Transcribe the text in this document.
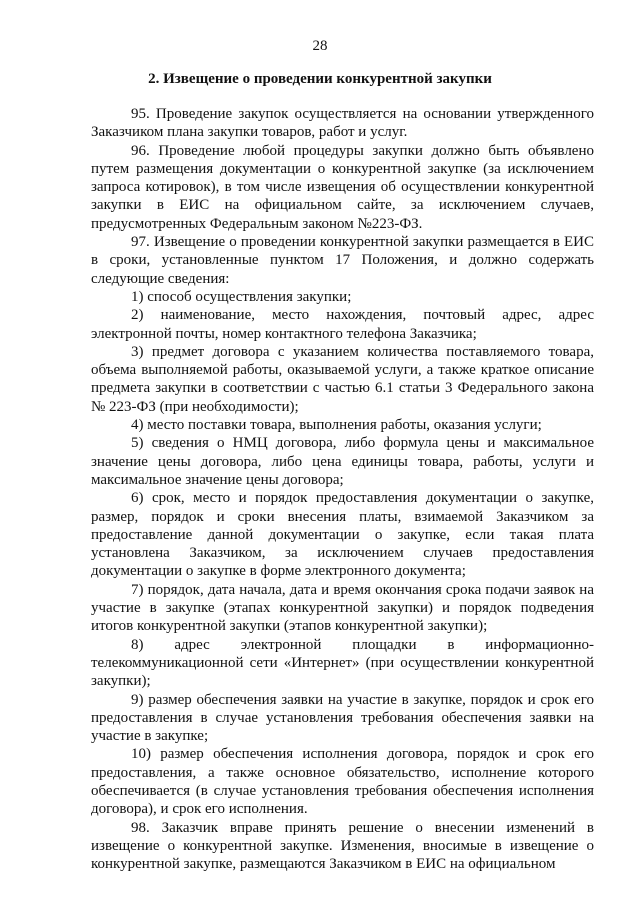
28
2. Извещение о проведении конкурентной закупки

95. Проведение закупок осуществляется на основании утвержденного Заказчиком плана закупки товаров, работ и услуг.

96. Проведение любой процедуры закупки должно быть объявлено путем размещения документации о конкурентной закупке (за исключением запроса котировок), в том числе извещения об осуществлении конкурентной закупки в ЕИС на официальном сайте, за исключением случаев, предусмотренных Федеральным законом №223-ФЗ.

97. Извещение о проведении конкурентной закупки размещается в ЕИС в сроки, установленные пунктом 17 Положения, и должно содержать следующие сведения:

1) способ осуществления закупки;

2) наименование, место нахождения, почтовый адрес, адрес электронной почты, номер контактного телефона Заказчика;

3) предмет договора с указанием количества поставляемого товара, объема выполняемой работы, оказываемой услуги, а также краткое описание предмета закупки в соответствии с частью 6.1 статьи 3 Федерального закона № 223-ФЗ (при необходимости);

4) место поставки товара, выполнения работы, оказания услуги;

5) сведения о НМЦ договора, либо формула цены и максимальное значение цены договора, либо цена единицы товара, работы, услуги и максимальное значение цены договора;

6) срок, место и порядок предоставления документации о закупке, размер, порядок и сроки внесения платы, взимаемой Заказчиком за предоставление данной документации о закупке, если такая плата установлена Заказчиком, за исключением случаев предоставления документации о закупке в форме электронного документа;

7) порядок, дата начала, дата и время окончания срока подачи заявок на участие в закупке (этапах конкурентной закупки) и порядок подведения итогов конкурентной закупки (этапов конкурентной закупки);

8) адрес электронной площадки в информационно-телекоммуникационной сети «Интернет» (при осуществлении конкурентной закупки);

9) размер обеспечения заявки на участие в закупке, порядок и срок его предоставления в случае установления требования обеспечения заявки на участие в закупке;

10) размер обеспечения исполнения договора, порядок и срок его предоставления, а также основное обязательство, исполнение которого обеспечивается (в случае установления требования обеспечения исполнения договора), и срок его исполнения.

98. Заказчик вправе принять решение о внесении изменений в извещение о конкурентной закупке. Изменения, вносимые в извещение о конкурентной закупке, размещаются Заказчиком в ЕИС на официальном
